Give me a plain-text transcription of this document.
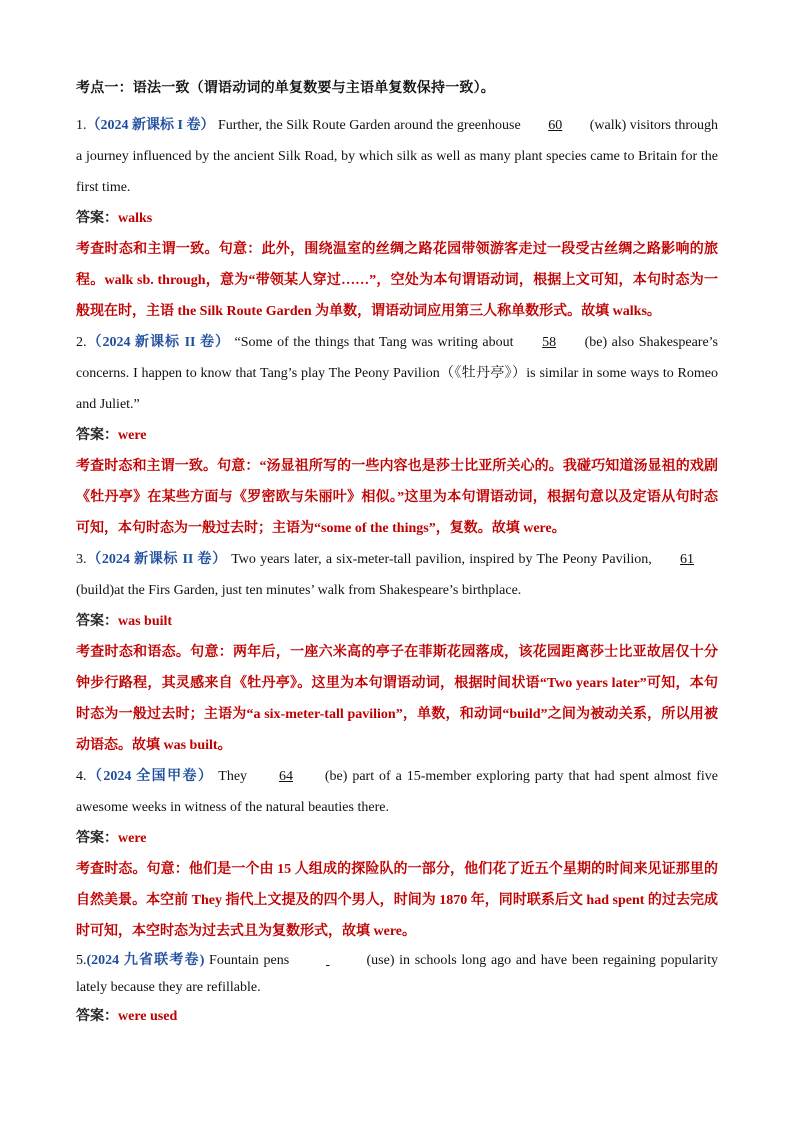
考点一：语法一致（谓语动词的单复数要与主语单复数保持一致）。

1.（2024 新课标 I 卷） Further, the Silk Route Garden around the greenhouse 60 (walk) visitors through a journey influenced by the ancient Silk Road, by which silk as well as many plant species came to Britain for the first time.

答案：walks

考查时态和主谓一致。句意：此外，围绕温室的丝绸之路花园带领游客走过一段受古丝绸之路影响的旅程。walk sb. through，意为“带领某人穿过……”，空处为本句谓语动词，根据上文可知，本句时态为一般现在时，主语 the Silk Route Garden 为单数，谓语动词应用第三人称单数形式。故填 walks。

2.（2024 新课标 II 卷） “Some of the things that Tang was writing about 58 (be) also Shakespeare’s concerns. I happen to know that Tang’s play The Peony Pavilion（《牡丹亭》）is similar in some ways to Romeo and Juliet.”

答案：were

考查时态和主谓一致。句意：“汤显祖所写的一些内容也是莎士比亚所关心的。我碰巧知道汤显祖的戏剧《牡丹亭》在某些方面与《罗密欧与朱丽叶》相似。”这里为本句谓语动词，根据句意以及定语从句时态可知，本句时态为一般过去时；主语为“some of the things”，复数。故填 were。

3.（2024 新课标 II 卷） Two years later, a six-meter-tall pavilion, inspired by The Peony Pavilion, 61 (build)at the Firs Garden, just ten minutes’ walk from Shakespeare’s birthplace.

答案：was built

考查时态和语态。句意：两年后，一座六米高的亭子在菲斯花园落成，该花园距离莎士比亚故居仅十分钟步行路程，其灵感来自《牡丹亭》。这里为本句谓语动词，根据时间状语“Two years later”可知，本句时态为一般过去时；主语为“a six-meter-tall pavilion”，单数，和动词“build”之间为被动关系，所以用被动语态。故填 was built。

4.（2024 全国甲卷） They 64 (be) part of a 15-member exploring party that had spent almost five awesome weeks in witness of the natural beauties there.

答案：were

考查时态。句意：他们是一个由 15 人组成的探险队的一部分，他们花了近五个星期的时间来见证那里的自然美景。本空前 They 指代上文提及的四个男人，时间为 1870 年，同时联系后文 had spent 的过去完成时可知，本空时态为过去式且为复数形式，故填 were。

5.(2024 九省联考卷) Fountain pens	(use) in schools long ago and have been regaining popularity lately because they are refillable.

答案：were used
